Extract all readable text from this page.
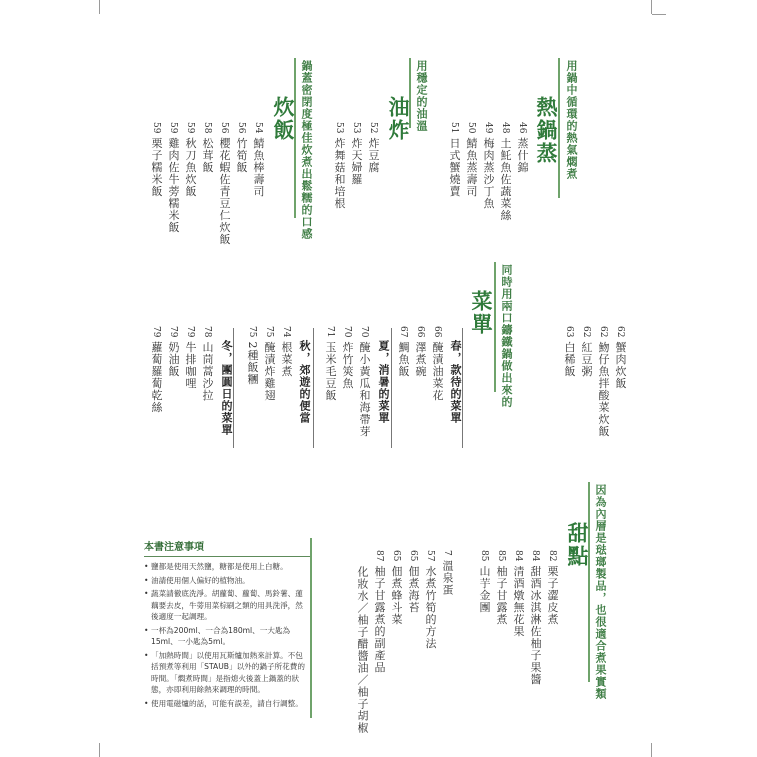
用鍋中循環的熱氣燜煮
熱鍋蒸
46蒸什錦
48土魠魚佐蔬菜絲
49梅肉蒸沙丁魚
50鯖魚蒸壽司
51日式蟹燒賣
用穩定的油溫
油炸
52炸豆腐
53炸天婦羅
53炸舞菇和培根
鍋蓋密閉度極佳炊煮出鬆糯的口感
炊飯
54鯖魚棒壽司
56竹筍飯
56櫻花蝦佐青豆仁炊飯
58松茸飯
59秋刀魚炊飯
59雞肉佐牛蒡糯米飯
59栗子糯米飯
同時用兩口鑄鐵鍋做出來的
菜單	62蟹肉炊飯
62魩仔魚拌酸菜炊飯
62紅豆粥
63白稀飯
春，款待的菜單
66醃漬油菜花
66澤煮碗
67鯛魚飯
夏，消暑的菜單
70醃小黃瓜和海帶芽
70炸竹筴魚
71玉米毛豆飯
秋，郊遊的便當
74根菜煮
75醃漬炸雞翅
752種飯糰
冬，團圓日的菜單
78山茼蒿沙拉
79牛排咖哩
79奶油飯
79蘿蔔羅蔔乾絲
因為內層是琺瑯製品，也很適合煮果實類
甜點
82栗子澀皮煮
84甜酒冰淇淋佐柚子果醬
84清酒燉無花果
85柚子甘露煮
85山芋金團
7溫泉蛋
57水煮竹筍的方法
65佃煮海苔
65佃煮蜂斗菜
87柚子甘露煮的副產品
化妝水／柚子醋醬油／柚子胡椒
本書注意事項
• 鹽都是使用天然鹽，糖都是使用上白糖。
• 油請使用個人偏好的植物油。
• 蔬菜請徹底洗淨。胡蘿蔔、蘿蔔、馬鈴薯、蓮藕要去皮，牛蒡用菜棕刷之類的用具洗淨，然後適度一起調理。
• 一杯為200ml、一合為180ml、一大匙為15ml、一小匙為5ml。
• 「加熱時間」以使用瓦斯爐加熱來計算。不包括預煮等利用「STAUB」以外的鍋子所花費的時間。「燜煮時間」是指熄火後蓋上鍋蓋的狀態，亦即利用餘熱來調理的時間。
• 使用電磁爐的話，可能有誤差，請自行調整。
